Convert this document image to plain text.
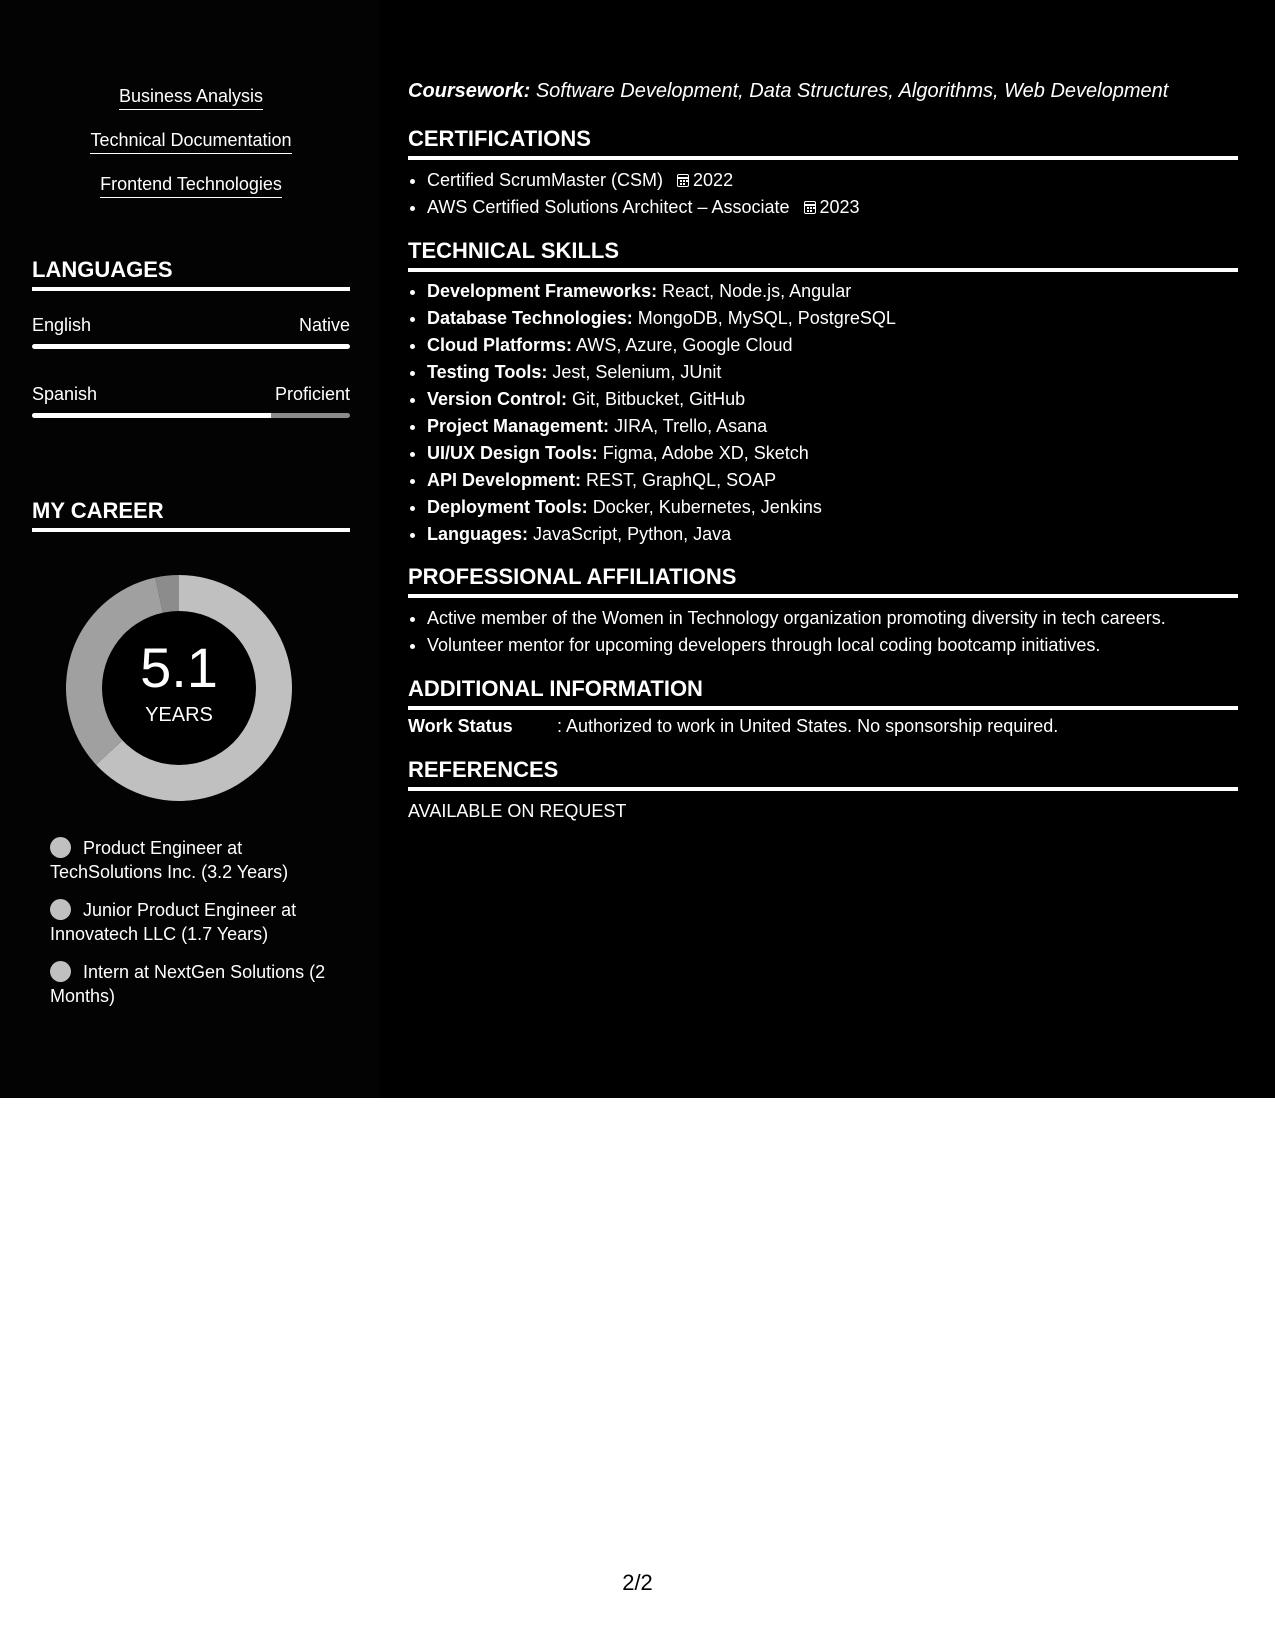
Business Analysis
Technical Documentation
Frontend Technologies
LANGUAGES
English	Native
Spanish	Proficient
MY CAREER
5.1
YEARS
Product Engineer at TechSolutions Inc. (3.2 Years)
Junior Product Engineer at Innovatech LLC (1.7 Years)
Intern at NextGen Solutions (2 Months)
Coursework: Software Development, Data Structures, Algorithms, Web Development
CERTIFICATIONS
• Certified ScrumMaster (CSM) 2022
• AWS Certified Solutions Architect – Associate 2023
TECHNICAL SKILLS
• Development Frameworks: React, Node.js, Angular
• Database Technologies: MongoDB, MySQL, PostgreSQL
• Cloud Platforms: AWS, Azure, Google Cloud
• Testing Tools: Jest, Selenium, JUnit
• Version Control: Git, Bitbucket, GitHub
• Project Management: JIRA, Trello, Asana
• UI/UX Design Tools: Figma, Adobe XD, Sketch
• API Development: REST, GraphQL, SOAP
• Deployment Tools: Docker, Kubernetes, Jenkins
• Languages: JavaScript, Python, Java
PROFESSIONAL AFFILIATIONS
• Active member of the Women in Technology organization promoting diversity in tech careers.
• Volunteer mentor for upcoming developers through local coding bootcamp initiatives.
ADDITIONAL INFORMATION
Work Status : Authorized to work in United States. No sponsorship required.
REFERENCES
AVAILABLE ON REQUEST
2/2
